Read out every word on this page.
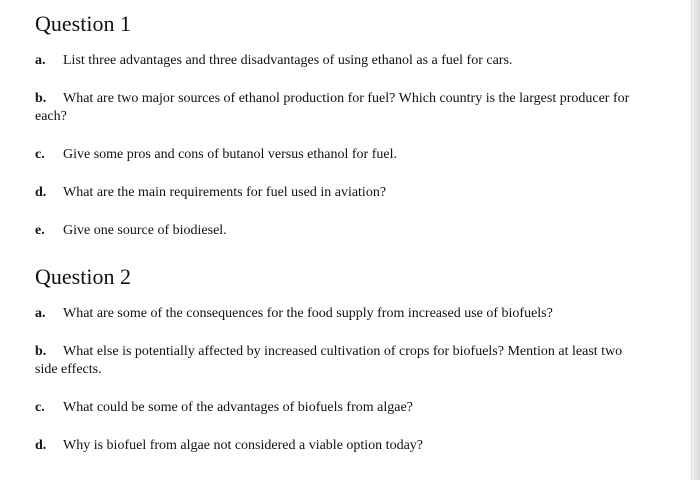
Question 1

a. List three advantages and three disadvantages of using ethanol as a fuel for cars.

b. What are two major sources of ethanol production for fuel? Which country is the largest producer for each?

c. Give some pros and cons of butanol versus ethanol for fuel.

d. What are the main requirements for fuel used in aviation?

e. Give one source of biodiesel.

Question 2

a. What are some of the consequences for the food supply from increased use of biofuels?

b. What else is potentially affected by increased cultivation of crops for biofuels? Mention at least two side effects.

c. What could be some of the advantages of biofuels from algae?

d. Why is biofuel from algae not considered a viable option today?
